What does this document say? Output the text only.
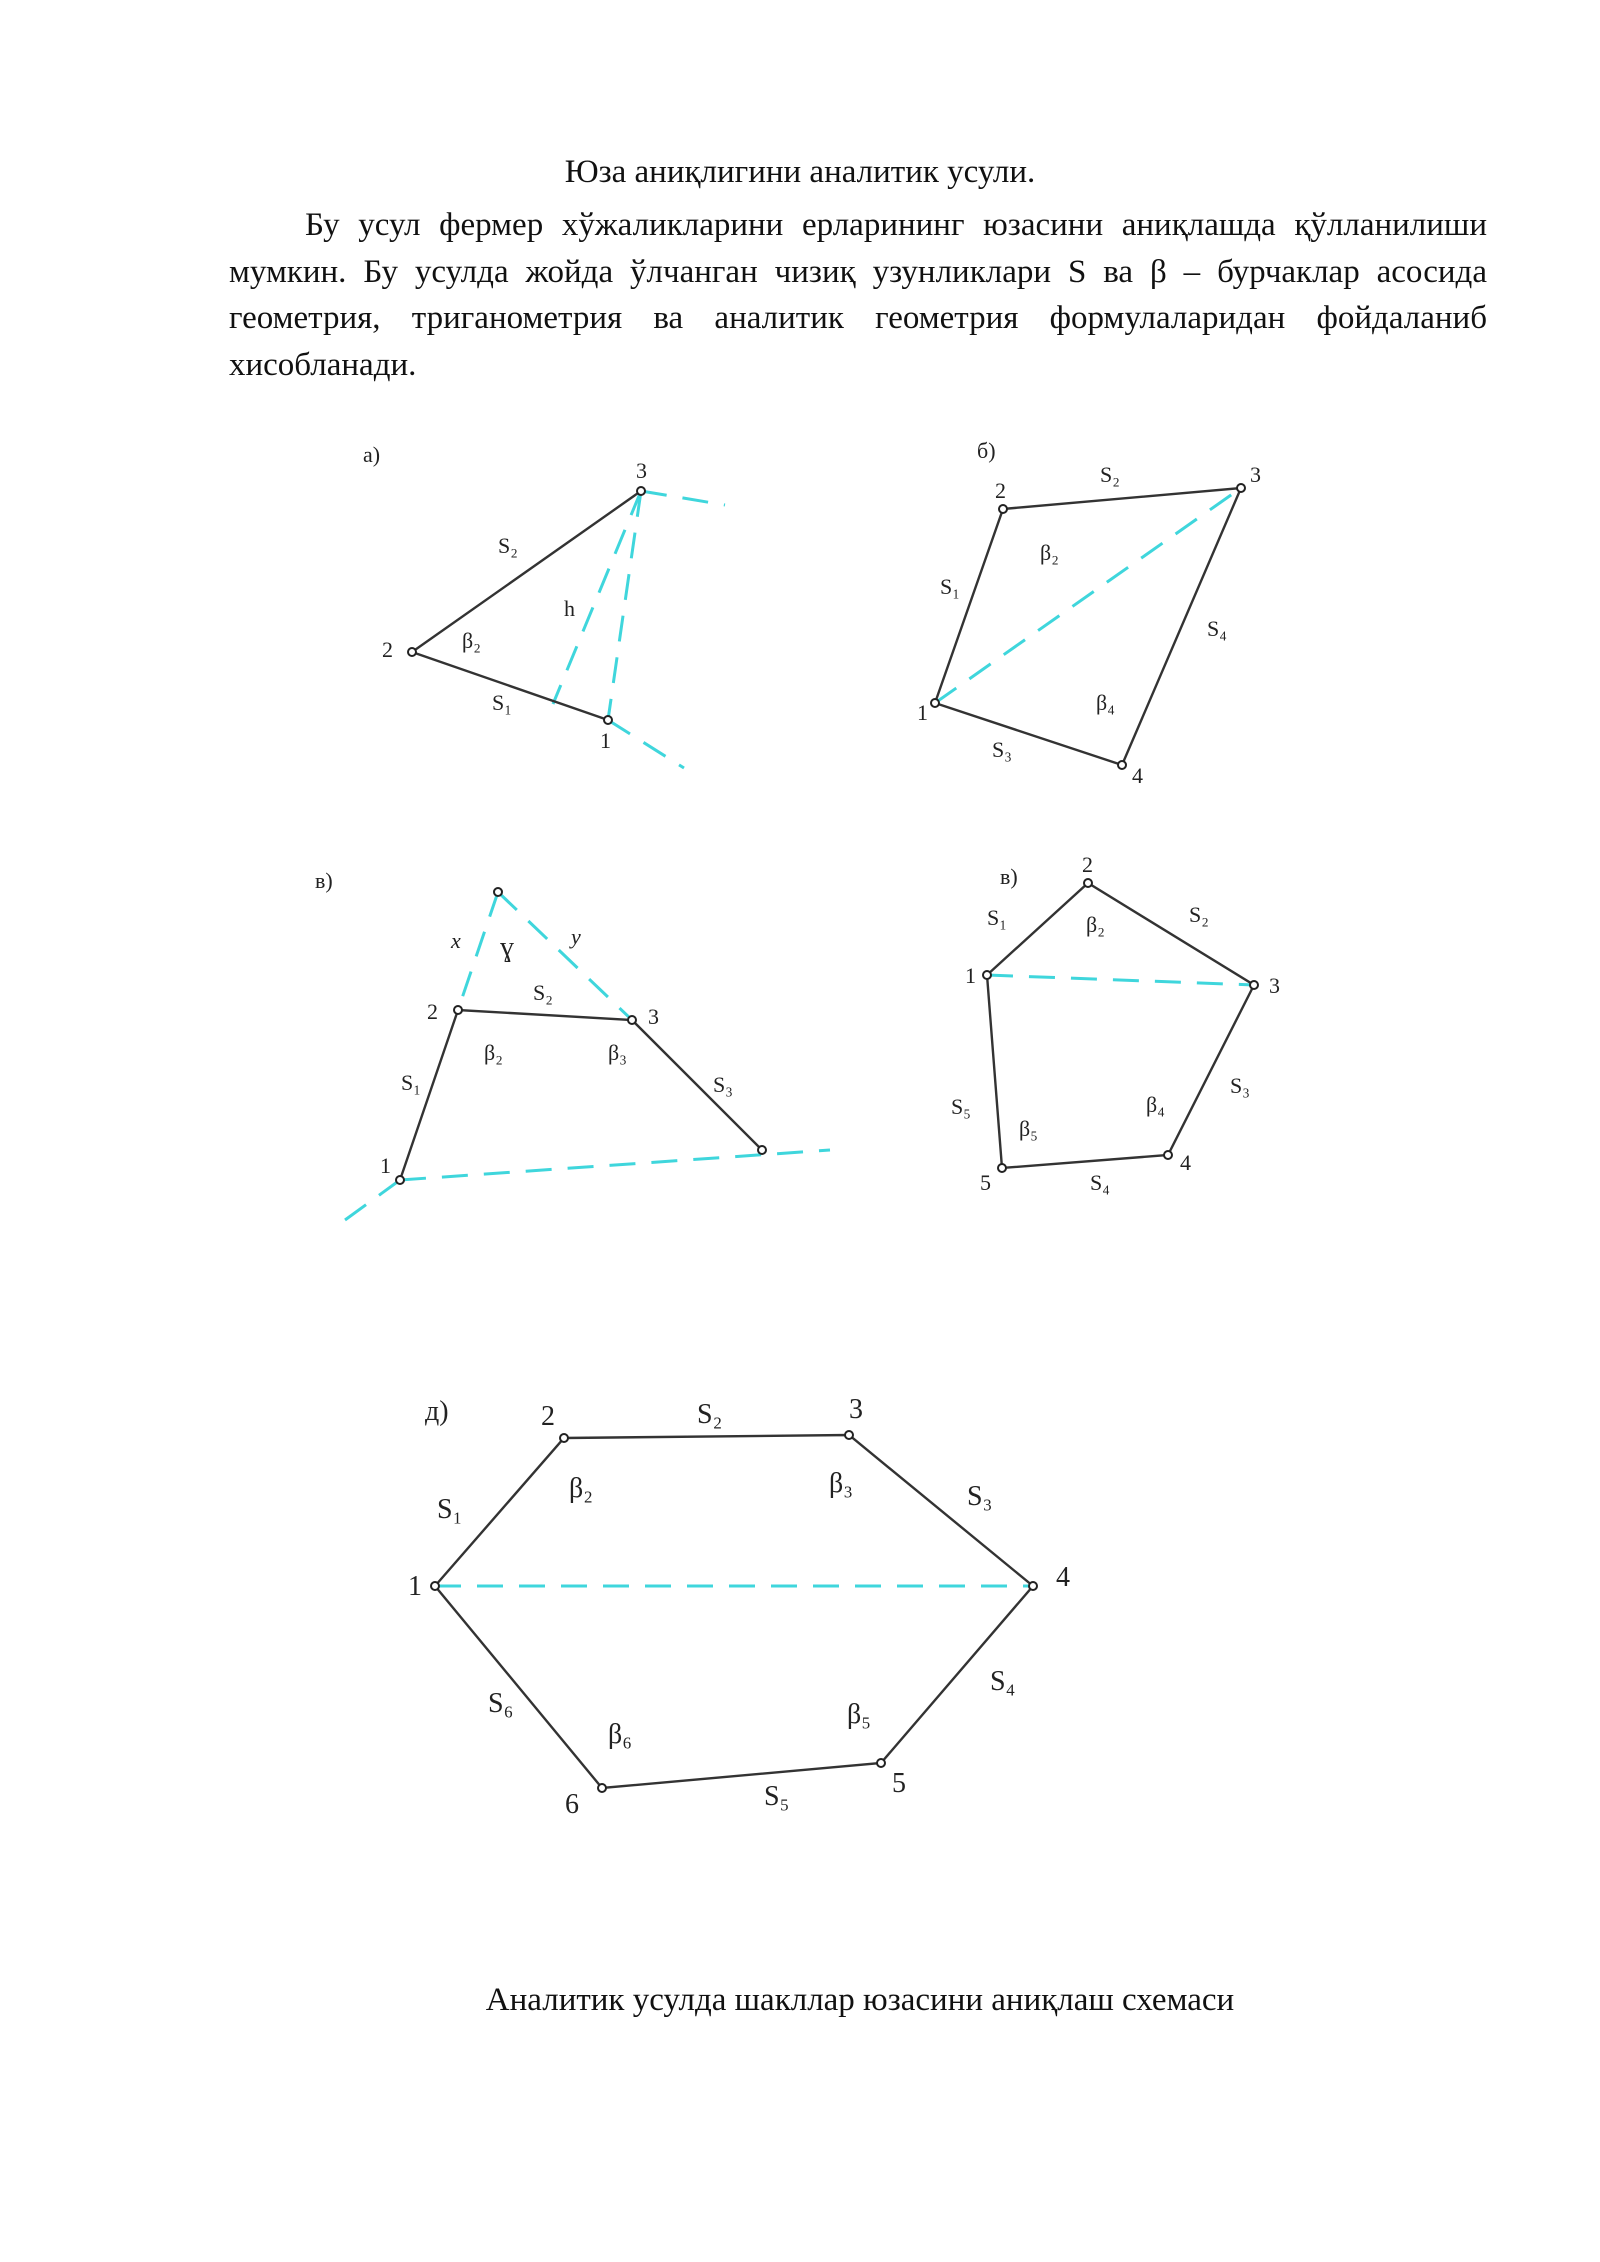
Юза аниқлигини аналитик усули.

Бу усул фермер хўжаликларини ерларининг юзасини аниқлашда қўлланилиши мумкин. Бу усулда жойда ўлчанган чизиқ узунликлари S ва β – бурчаклар асосида геометрия, триганометрия ва аналитик геометрия формулаларидан фойдаланиб хисобланади.

а)
3
2
1
S₂
h
β₂
S₁
б)
2
3
1
4
S₂
S₁
β₂
S₄
β₄
S₃
в)
x	y
ɣ
2	3
S₂
β₂	β₃
S₁	S₃
1
в)	2
S₁	β₂	S₂
1	3
S₃
S₅	β₄
β₅
4
5	S₄
д)	2	S₂	3
S₁
β₂	β₃	S₃
1	4
S₄
S₆
β₆
β₅
5
6	S₅
Аналитик усулда шакллар юзасини аниқлаш схемаси
